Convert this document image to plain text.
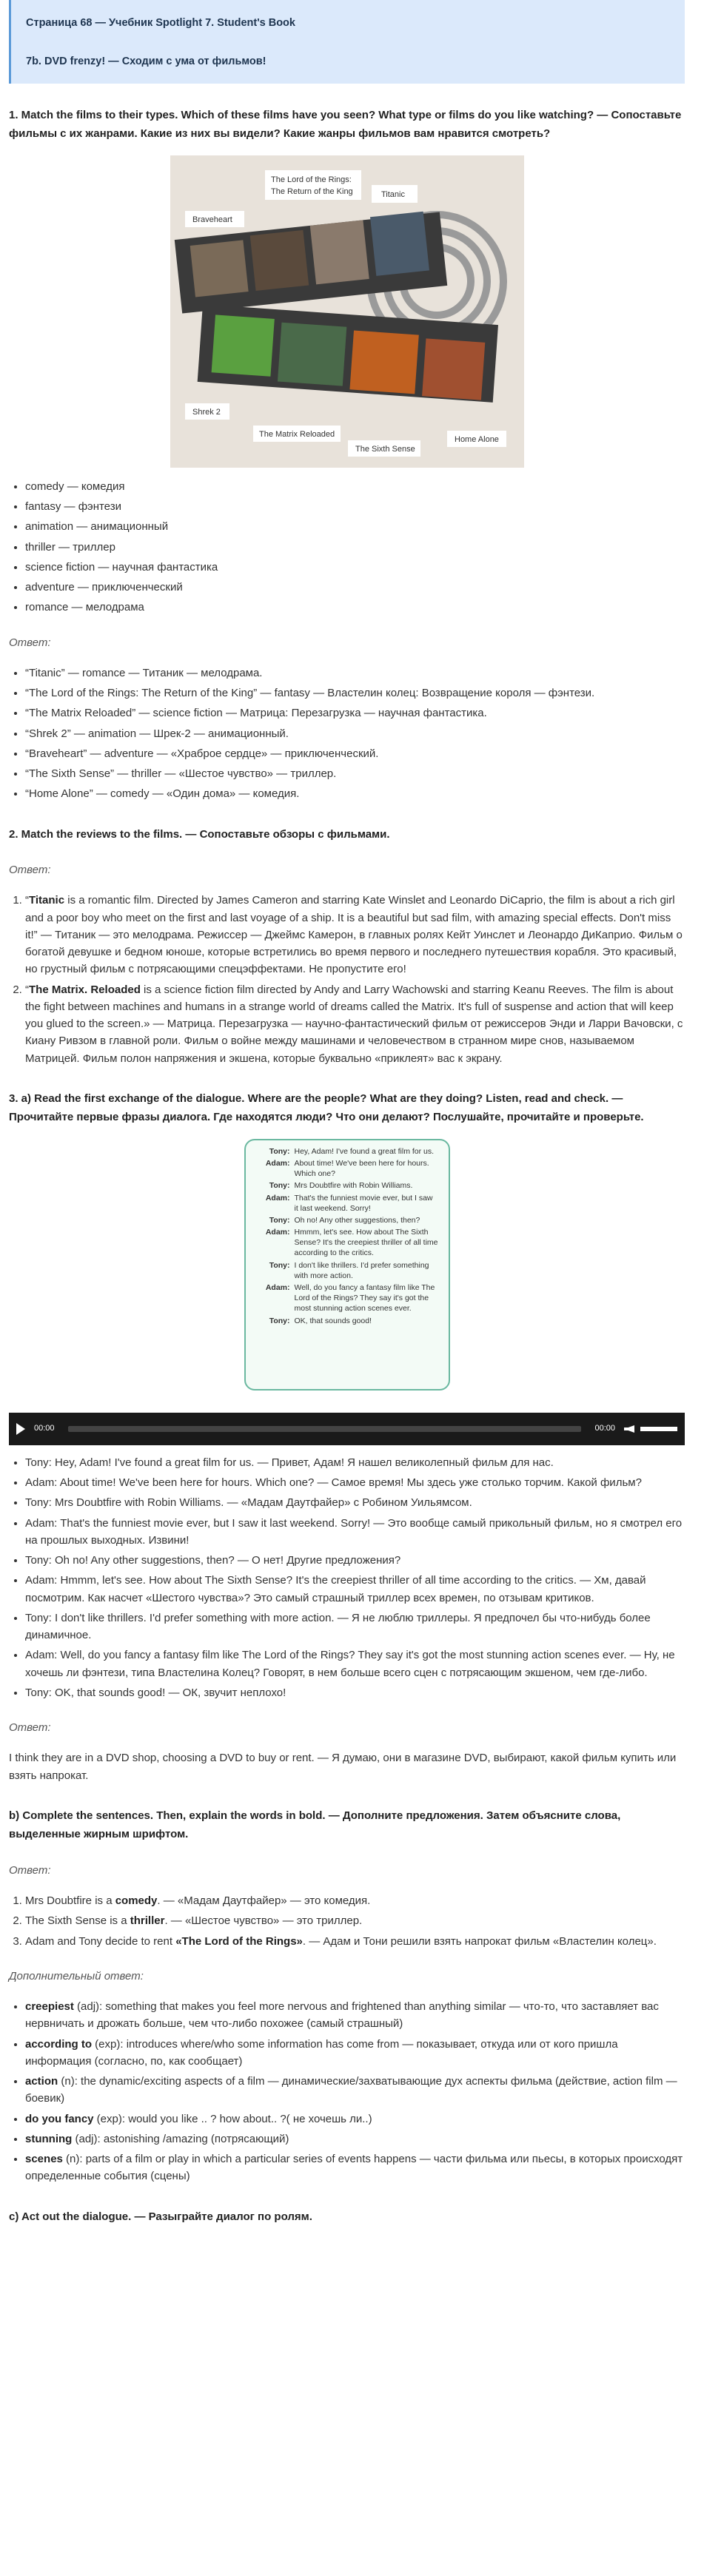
Страница 68 — Учебник Spotlight 7. Student's Book
7b. DVD frenzy! — Сходим с ума от фильмов!
1. Match the films to their types. Which of these films have you seen? What type or films do you like watching? — Сопоставьте фильмы с их жанрами. Какие из них вы видели? Какие жанры фильмов вам нравится смотреть?
Braveheart
The Lord of the Rings:
The Return of the King	Titanic
Shrek 2
The Matrix Reloaded
The Sixth Sense
Home Alone
• comedy — комедия
• fantasy — фэнтези
• animation — анимационный
• thriller — триллер
• science fiction — научная фантастика
• adventure — приключенческий
• romance — мелодрама
Ответ:
• “Titanic” — romance — Титаник — мелодрама.
• “The Lord of the Rings: The Return of the King” — fantasy — Властелин колец: Возвращение короля — фэнтези.
• “The Matrix Reloaded” — science fiction — Матрица: Перезагрузка — научная фантастика.
• “Shrek 2” — animation — Шрек-2 — анимационный.
• “Braveheart” — adventure — «Храброе сердце» — приключенческий.
• “The Sixth Sense” — thriller — «Шестое чувство» — триллер.
• “Home Alone” — comedy — «Один дома» — комедия.
2. Match the reviews to the films. — Сопоставьте обзоры с фильмами.
Ответ:
1. “Titanic is a romantic film. Directed by James Cameron and starring Kate Winslet and Leonardo DiCaprio, the film is about a rich girl and a poor boy who meet on the first and last voyage of a ship. It is a beautiful but sad film, with amazing special effects. Don't miss it!” — Титаник — это мелодрама. Режиссер — Джеймс Камерон, в главных ролях Кейт Уинслет и Леонардо ДиКаприо. Фильм о богатой девушке и бедном юноше, которые встретились во время первого и последнего путешествия корабля. Это красивый, но грустный фильм с потрясающими спецэффектами. Не пропустите его!
2. “The Matrix. Reloaded is a science fiction film directed by Andy and Larry Wachowski and starring Keanu Reeves. The film is about the fight between machines and humans in a strange world of dreams called the Matrix. It's full of suspense and action that will keep you glued to the screen.» — Матрица. Перезагрузка — научно-фантастический фильм от режиссеров Энди и Ларри Вачовски, с Киану Ривзом в главной роли. Фильм о войне между машинами и человечеством в странном мире снов, называемом Матрицей. Фильм полон напряжения и экшена, которые буквально «приклеят» вас к экрану.
3. a) Read the first exchange of the dialogue. Where are the people? What are they doing? Listen, read and check. — Прочитайте первые фразы диалога. Где находятся люди? Что они делают? Послушайте, прочитайте и проверьте.
Tony: Hey, Adam! I've found a great film for us.
Adam: About time! We've been here for hours. Which one?
Tony: Mrs Doubtfire with Robin Williams.
Adam: That's the funniest movie ever, but I saw it last weekend. Sorry!
Tony: Oh no! Any other suggestions, then?
Adam: Hmmm, let's see. How about The Sixth Sense? It's the creepiest thriller of all time according to the critics.
Tony: I don't like thrillers. I'd prefer something with more action.
Adam: Well, do you fancy a fantasy film like The Lord of the Rings? They say it's got the most stunning action scenes ever.
Tony: OK, that sounds good!
00:00	00:00
• Tony: Hey, Adam! I've found a great film for us. — Привет, Адам! Я нашел великолепный фильм для нас.
• Adam: About time! We've been here for hours. Which one? — Самое время! Мы здесь уже столько торчим. Какой фильм?
• Tony: Mrs Doubtfire with Robin Williams. — «Мадам Даутфайер» с Робином Уильямсом.
• Adam: That's the funniest movie ever, but I saw it last weekend. Sorry! — Это вообще самый прикольный фильм, но я смотрел его на прошлых выходных. Извини!
• Tony: Oh no! Any other suggestions, then? — О нет! Другие предложения?
• Adam: Hmmm, let's see. How about The Sixth Sense? It's the creepiest thriller of all time according to the critics. — Хм, давай посмотрим. Как насчет «Шестого чувства»? Это самый страшный триллер всех времен, по отзывам критиков.
• Tony: I don't like thrillers. I'd prefer something with more action. — Я не люблю триллеры. Я предпочел бы что-нибудь более динамичное.
• Adam: Well, do you fancy a fantasy film like The Lord of the Rings? They say it's got the most stunning action scenes ever. — Ну, не хочешь ли фэнтези, типа Властелина Колец? Говорят, в нем больше всего сцен с потрясающим экшеном, чем где-либо.
• Tony: OK, that sounds good! — ОК, звучит неплохо!
Ответ:

I think they are in a DVD shop, choosing a DVD to buy or rent. — Я думаю, они в магазине DVD, выбирают, какой фильм купить или взять напрокат.

b) Complete the sentences. Then, explain the words in bold. — Дополните предложения. Затем объясните слова, выделенные жирным шрифтом.
Ответ:
1. Mrs Doubtfire is a comedy. — «Мадам Даутфайер» — это комедия.
2. The Sixth Sense is a thriller. — «Шестое чувство» — это триллер.
3. Adam and Tony decide to rent «The Lord of the Rings». — Адам и Тони решили взять напрокат фильм «Властелин колец».
Дополнительный ответ:
• creepiest (adj): something that makes you feel more nervous and frightened than anything similar — что-то, что заставляет вас нервничать и дрожать больше, чем что-либо похожее (самый страшный)
• according to (exp): introduces where/who some information has come from — показывает, откуда или от кого пришла информация (согласно, по, как сообщает)
• action (n): the dynamic/exciting aspects of a film — динамические/захватывающие дух аспекты фильма (действие, action film — боевик)
• do you fancy (exp): would you like .. ? how about.. ?( не хочешь ли..)
• stunning (adj): astonishing /amazing (потрясающий)
• scenes (n): parts of a film or play in which a particular series of events happens — части фильма или пьесы, в которых происходят определенные события (сцены)
c) Act out the dialogue. — Разыграйте диалог по ролям.
